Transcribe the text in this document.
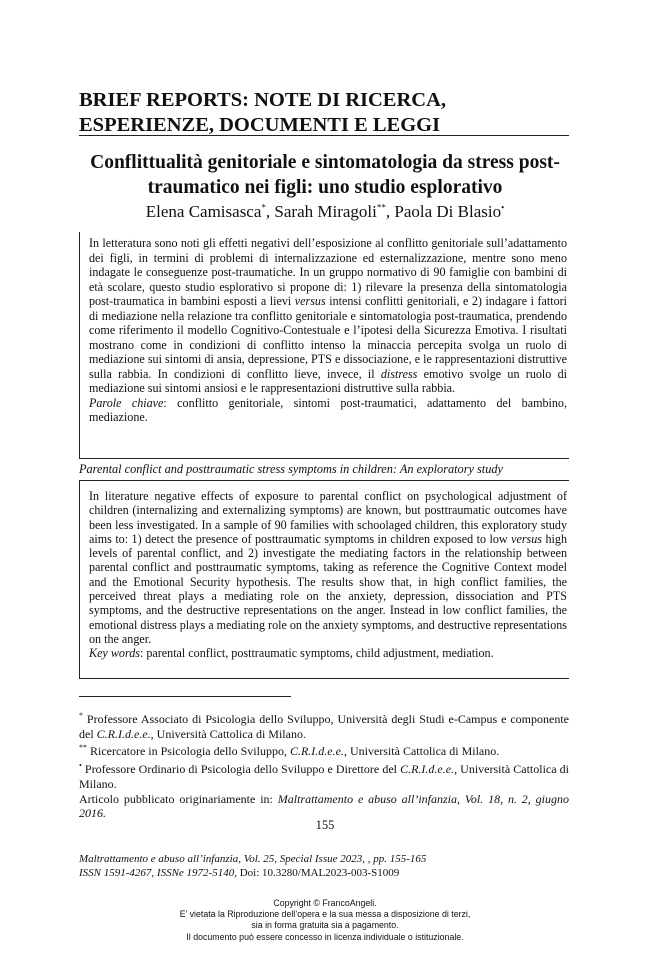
BRIEF REPORTS: NOTE DI RICERCA, ESPERIENZE, DOCUMENTI E LEGGI
Conflittualità genitoriale e sintomatologia da stress post-traumatico nei figli: uno studio esplorativo
Elena Camisasca*, Sarah Miragoli**, Paola Di Blasio•

In letteratura sono noti gli effetti negativi dell’esposizione al conflitto genitoriale sull’adattamento dei figli, in termini di problemi di internalizzazione ed esternalizzazione, mentre sono meno indagate le conseguenze post-traumatiche. In un gruppo normativo di 90 famiglie con bambini di età scolare, questo studio esplorativo si propone di: 1) rilevare la presenza della sintomatologia post-traumatica in bambini esposti a lievi versus intensi conflitti genitoriali, e 2) indagare i fattori di mediazione nella relazione tra conflitto genitoriale e sintomatologia post-traumatica, prendendo come riferimento il modello Cognitivo-Contestuale e l’ipotesi della Sicurezza Emotiva. I risultati mostrano come in condizioni di conflitto intenso la minaccia percepita svolga un ruolo di mediazione sui sintomi di ansia, depressione, PTS e dissociazione, e le rappresentazioni distruttive sulla rabbia. In condizioni di conflitto lieve, invece, il distress emotivo svolge un ruolo di mediazione sui sintomi ansiosi e le rappresentazioni distruttive sulla rabbia.

Parole chiave: conflitto genitoriale, sintomi post-traumatici, adattamento del bambino, mediazione.

Parental conflict and posttraumatic stress symptoms in children: An exploratory study

In literature negative effects of exposure to parental conflict on psychological adjustment of children (internalizing and externalizing symptoms) are known, but posttraumatic outcomes have been less investigated. In a sample of 90 families with schoolaged children, this exploratory study aims to: 1) detect the presence of posttraumatic symptoms in children exposed to low versus high levels of parental conflict, and 2) investigate the mediating factors in the relationship between parental conflict and posttraumatic symptoms, taking as reference the Cognitive Context model and the Emotional Security hypothesis. The results show that, in high conflict families, the perceived threat plays a mediating role on the anxiety, depression, dissociation and PTS symptoms, and the destructive representations on the anger. Instead in low conflict families, the emotional distress plays a mediating role on the anxiety symptoms, and destructive representations on the anger.

Key words: parental conflict, posttraumatic symptoms, child adjustment, mediation.

* Professore Associato di Psicologia dello Sviluppo, Università degli Studi e-Campus e componente del C.R.I.d.e.e., Università Cattolica di Milano.

** Ricercatore in Psicologia dello Sviluppo, C.R.I.d.e.e., Università Cattolica di Milano.

• Professore Ordinario di Psicologia dello Sviluppo e Direttore del C.R.I.d.e.e., Università Cattolica di Milano.

Articolo pubblicato originariamente in: Maltrattamento e abuso all’infanzia, Vol. 18, n. 2, giugno 2016.

155

Maltrattamento e abuso all’infanzia, Vol. 25, Special Issue 2023, , pp. 155-165

ISSN 1591-4267, ISSNe 1972-5140, Doi: 10.3280/MAL2023-003-S1009

Copyright © FrancoAngeli.

E’ vietata la Riproduzione dell’opera e la sua messa a disposizione di terzi,

sia in forma gratuita sia a pagamento.

Il documento può essere concesso in licenza individuale o istituzionale.
